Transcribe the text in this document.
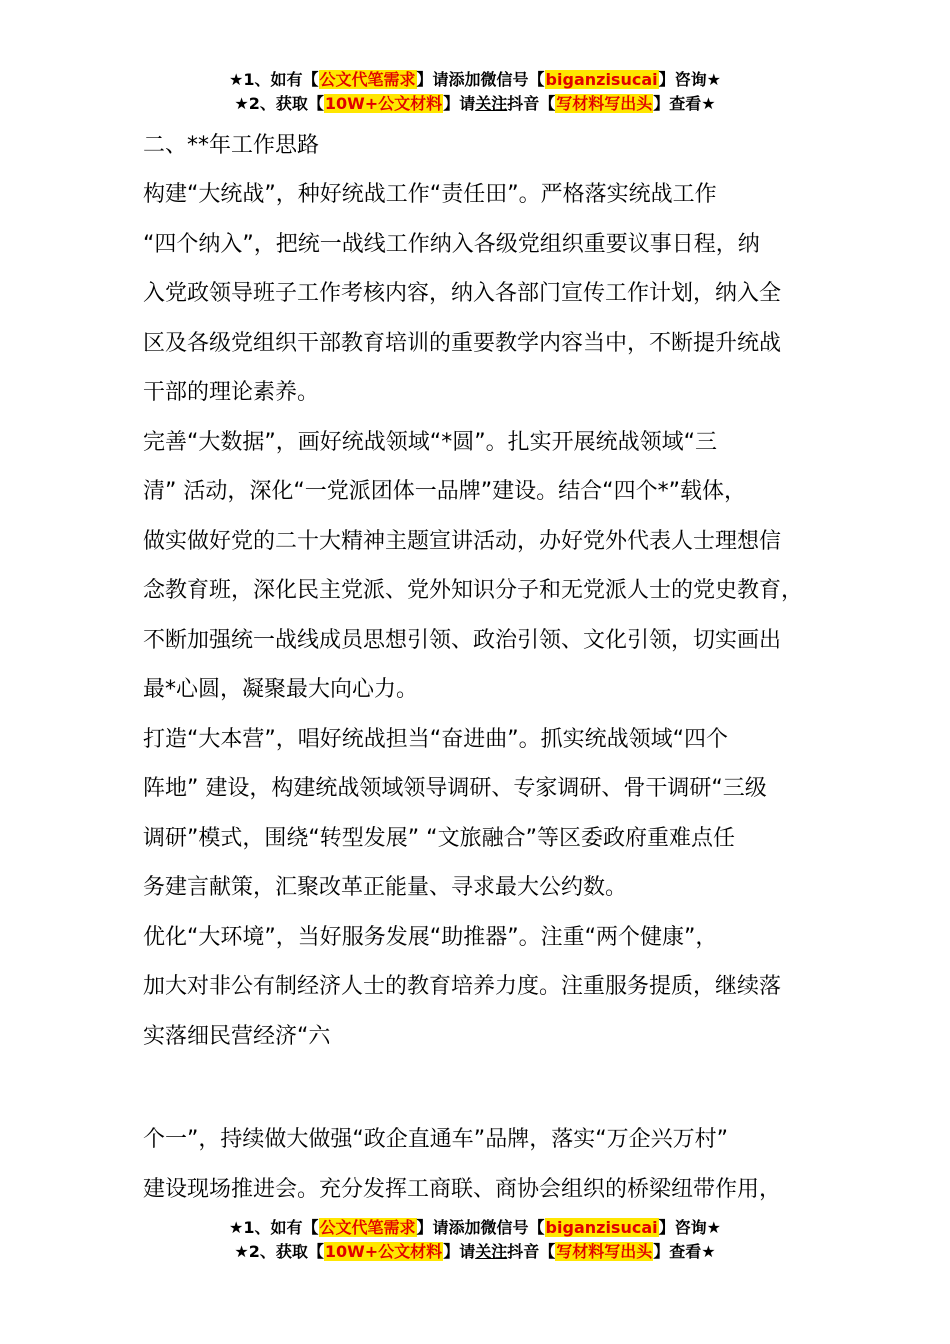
★1、如有【公文代笔需求】请添加微信号【biganzisucai】咨询★
★2、获取【10W+公文材料】请关注抖音【写材料写出头】查看★
二、**年工作思路
构建“大统战”，种好统战工作“责任田”。严格落实统战工作
“四个纳入”，把统一战线工作纳入各级党组织重要议事日程，纳
入党政领导班子工作考核内容，纳入各部门宣传工作计划，纳入全
区及各级党组织干部教育培训的重要教学内容当中，不断提升统战
干部的理论素养。
完善“大数据”，画好统战领域“*圆”。扎实开展统战领域“三
清” 活动，深化“一党派团体一品牌”建设。结合“四个*”载体，
做实做好党的二十大精神主题宣讲活动，办好党外代表人士理想信
念教育班，深化民主党派、党外知识分子和无党派人士的党史教育，
不断加强统一战线成员思想引领、政治引领、文化引领，切实画出
最*心圆，凝聚最大向心力。
打造“大本营”，唱好统战担当“奋进曲”。抓实统战领域“四个
阵地” 建设，构建统战领域领导调研、专家调研、骨干调研“三级
调研”模式，围绕“转型发展” “文旅融合”等区委政府重难点任
务建言献策，汇聚改革正能量、寻求最大公约数。
优化“大环境”，当好服务发展“助推器”。注重“两个健康”，
加大对非公有制经济人士的教育培养力度。注重服务提质，继续落
实落细民营经济“六
个一”，持续做大做强“政企直通车”品牌，落实“万企兴万村”
建设现场推进会。充分发挥工商联、商协会组织的桥梁纽带作用，
★1、如有【公文代笔需求】请添加微信号【biganzisucai】咨询★
★2、获取【10W+公文材料】请关注抖音【写材料写出头】查看★
